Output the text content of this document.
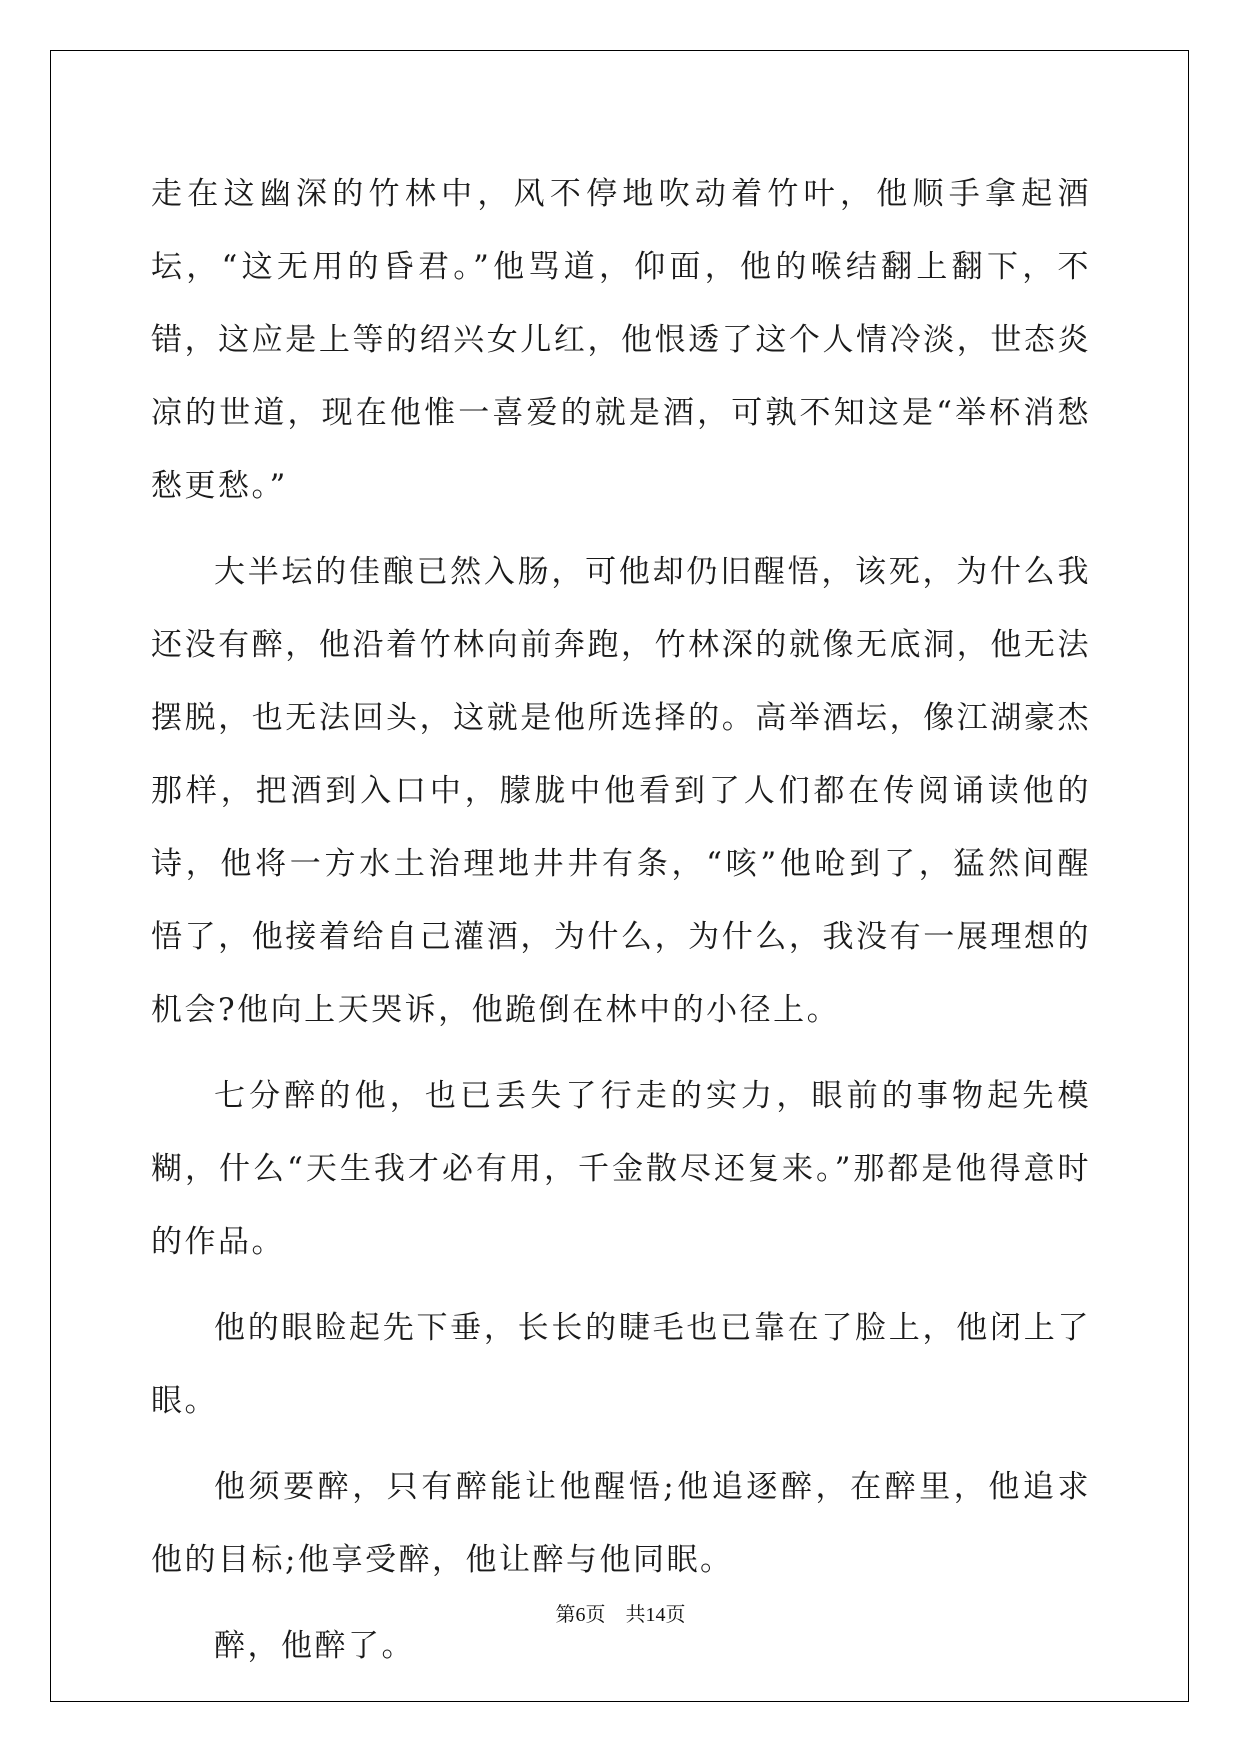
走在这幽深的竹林中，风不停地吹动着竹叶，他顺手拿起酒坛，“这无用的昏君。”他骂道，仰面，他的喉结翻上翻下，不错，这应是上等的绍兴女儿红，他恨透了这个人情冷淡，世态炎凉的世道，现在他惟一喜爱的就是酒，可孰不知这是“举杯消愁愁更愁。”

大半坛的佳酿已然入肠，可他却仍旧醒悟，该死，为什么我还没有醉，他沿着竹林向前奔跑，竹林深的就像无底洞，他无法摆脱，也无法回头，这就是他所选择的。高举酒坛，像江湖豪杰那样，把酒到入口中，朦胧中他看到了人们都在传阅诵读他的诗，他将一方水土治理地井井有条，“咳”他呛到了，猛然间醒悟了，他接着给自己灌酒，为什么，为什么，我没有一展理想的机会?他向上天哭诉，他跪倒在林中的小径上。

七分醉的他，也已丢失了行走的实力，眼前的事物起先模糊，什么“天生我才必有用，千金散尽还复来。”那都是他得意时的作品。

他的眼睑起先下垂，长长的睫毛也已靠在了脸上，他闭上了眼。

他须要醉，只有醉能让他醒悟;他追逐醉，在醉里，他追求他的目标;他享受醉，他让醉与他同眠。

醉，他醉了。

第6页 共14页
